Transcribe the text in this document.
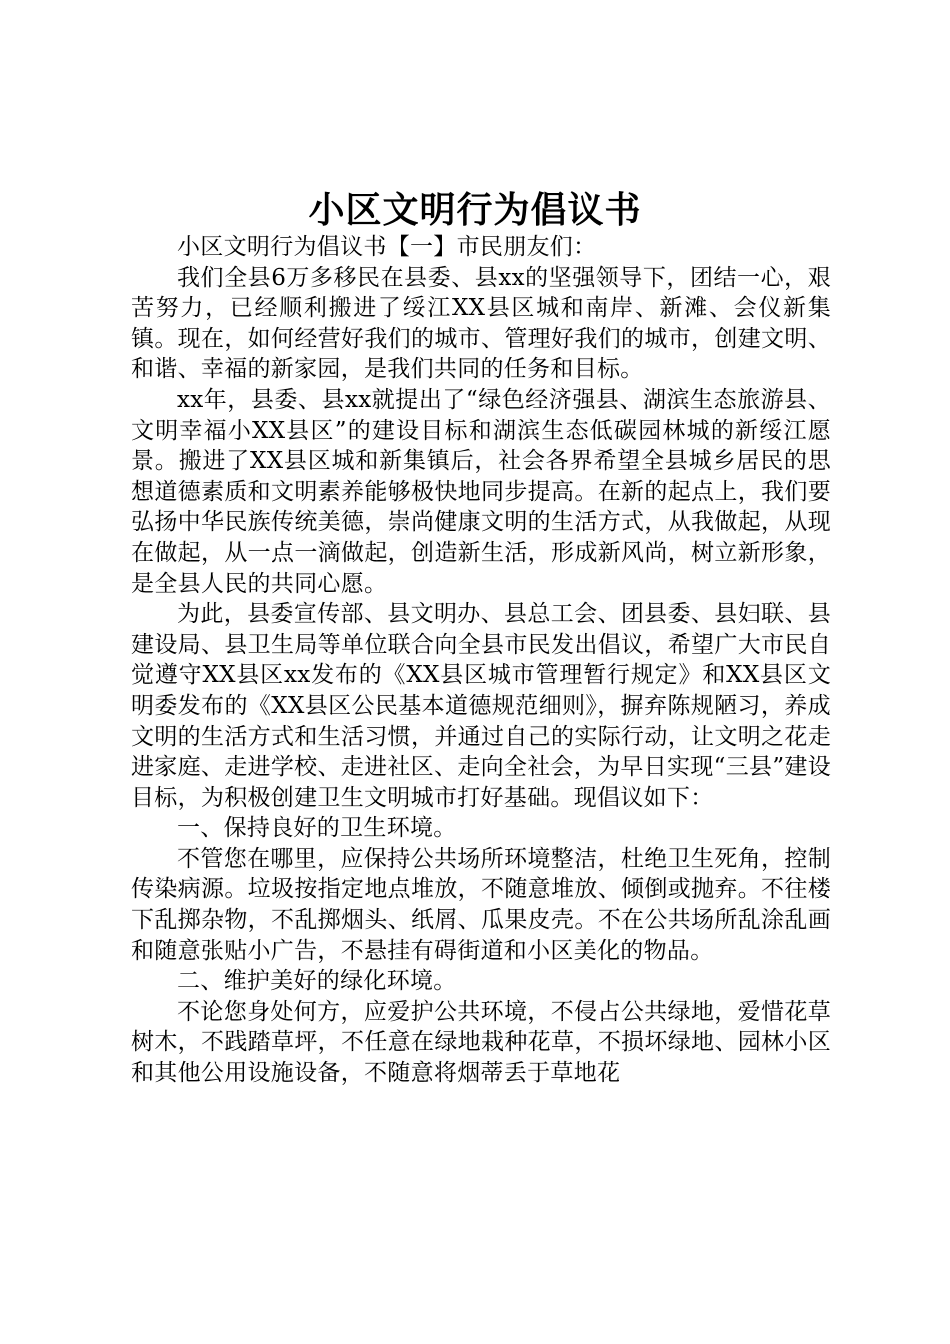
小区文明行为倡议书

小区文明行为倡议书【一】市民朋友们：

我们全县6万多移民在县委、县xx的坚强领导下，团结一心，艰苦努力，已经顺利搬进了绥江XX县区城和南岸、新滩、会仪新集镇。现在，如何经营好我们的城市、管理好我们的城市，创建文明、和谐、幸福的新家园，是我们共同的任务和目标。

xx年，县委、县xx就提出了“绿色经济强县、湖滨生态旅游县、文明幸福小XX县区”的建设目标和湖滨生态低碳园林城的新绥江愿景。搬进了XX县区城和新集镇后，社会各界希望全县城乡居民的思想道德素质和文明素养能够极快地同步提高。在新的起点上，我们要弘扬中华民族传统美德，崇尚健康文明的生活方式，从我做起，从现在做起，从一点一滴做起，创造新生活，形成新风尚，树立新形象，是全县人民的共同心愿。

为此，县委宣传部、县文明办、县总工会、团县委、县妇联、县建设局、县卫生局等单位联合向全县市民发出倡议，希望广大市民自觉遵守XX县区xx发布的《XX县区城市管理暂行规定》和XX县区文明委发布的《XX县区公民基本道德规范细则》，摒弃陈规陋习，养成文明的生活方式和生活习惯，并通过自己的实际行动，让文明之花走进家庭、走进学校、走进社区、走向全社会，为早日实现“三县”建设目标，为积极创建卫生文明城市打好基础。现倡议如下：

一、保持良好的卫生环境。

不管您在哪里，应保持公共场所环境整洁，杜绝卫生死角，控制传染病源。垃圾按指定地点堆放，不随意堆放、倾倒或抛弃。不往楼下乱掷杂物，不乱掷烟头、纸屑、瓜果皮壳。不在公共场所乱涂乱画和随意张贴小广告，不悬挂有碍街道和小区美化的物品。

二、维护美好的绿化环境。

不论您身处何方，应爱护公共环境，不侵占公共绿地，爱惜花草树木，不践踏草坪，不任意在绿地栽种花草，不损坏绿地、园林小区和其他公用设施设备，不随意将烟蒂丢于草地花
